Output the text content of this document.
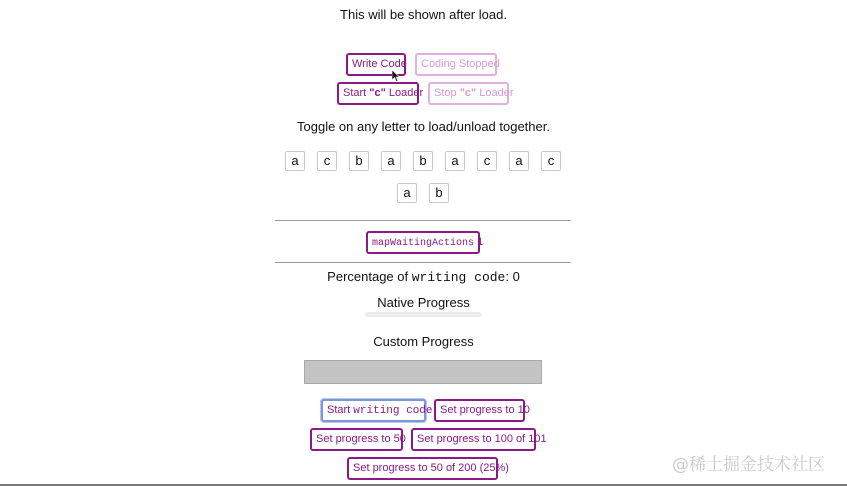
This will be shown after load.
Write Code	Coding Stopped
Start "c" Loader Stop "c" Loader
Toggle on any letter to load/unload together.
a	c	b	a	b	a	c	a	c
a	b
mapWaitingActions 1
Percentage of writing code: 0
Native Progress
Custom Progress
Start writing code Set progress to 10
Set progress to 50	Set progress to 100 of 101
Set progress to 50 of 200 (25%)	@稀土掘金技术社区
